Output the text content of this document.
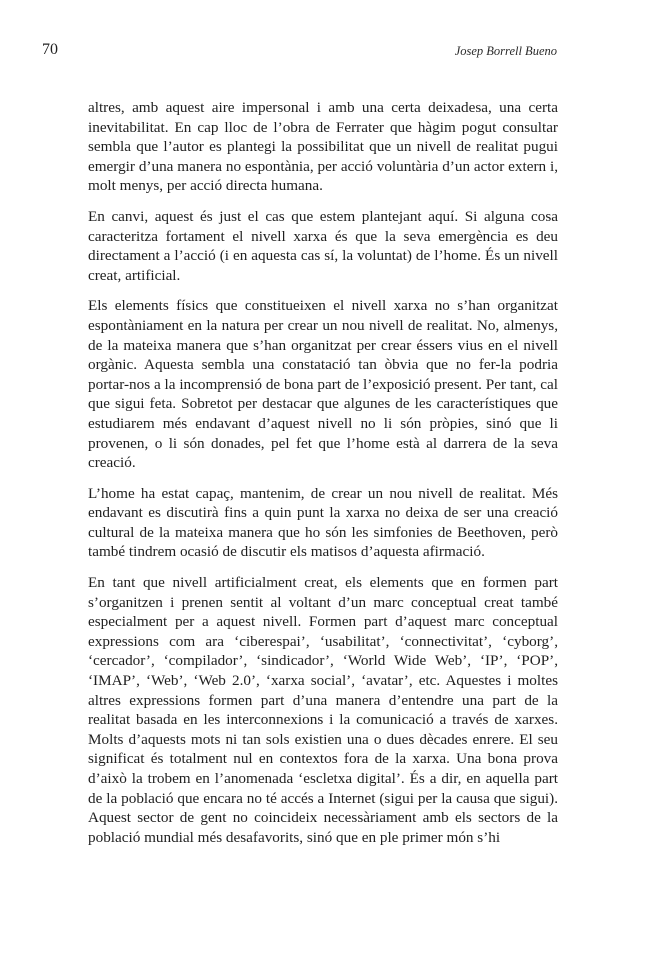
70	Josep Borrell Bueno

altres, amb aquest aire impersonal i amb una certa deixadesa, una certa inevitabilitat. En cap lloc de l’obra de Ferrater que hàgim pogut consultar sembla que l’autor es plantegi la possibilitat que un nivell de realitat pugui emergir d’una manera no espontània, per acció voluntària d’un actor extern i, molt menys, per acció directa humana.

En canvi, aquest és just el cas que estem plantejant aquí. Si alguna cosa caracteritza fortament el nivell xarxa és que la seva emergència es deu directament a l’acció (i en aquesta cas sí, la voluntat) de l’home. És un nivell creat, artificial.

Els elements físics que constitueixen el nivell xarxa no s’han organitzat espontàniament en la natura per crear un nou nivell de realitat. No, almenys, de la mateixa manera que s’han organitzat per crear éssers vius en el nivell orgànic. Aquesta sembla una constatació tan òbvia que no fer-la podria portar-nos a la incomprensió de bona part de l’exposició present. Per tant, cal que sigui feta. Sobretot per destacar que algunes de les característiques que estudiarem més endavant d’aquest nivell no li són pròpies, sinó que li provenen, o li són donades, pel fet que l’home està al darrera de la seva creació.

L’home ha estat capaç, mantenim, de crear un nou nivell de realitat. Més endavant es discutirà fins a quin punt la xarxa no deixa de ser una creació cultural de la mateixa manera que ho són les simfonies de Beethoven, però també tindrem ocasió de discutir els matisos d’aquesta afirmació.

En tant que nivell artificialment creat, els elements que en formen part s’organitzen i prenen sentit al voltant d’un marc conceptual creat també especialment per a aquest nivell. Formen part d’aquest marc conceptual expressions com ara ‘ciberespai’, ‘usabilitat’, ‘connectivitat’, ‘cyborg’, ‘cercador’, ‘compilador’, ‘sindicador’, ‘World Wide Web’, ‘IP’, ‘POP’, ‘IMAP’, ‘Web’, ‘Web 2.0’, ‘xarxa social’, ‘avatar’, etc. Aquestes i moltes altres expressions formen part d’una manera d’entendre una part de la realitat basada en les interconnexions i la comunicació a través de xarxes. Molts d’aquests mots ni tan sols existien una o dues dècades enrere. El seu significat és totalment nul en contextos fora de la xarxa. Una bona prova d’això la trobem en l’anomenada ‘escletxa digital’. És a dir, en aquella part de la població que encara no té accés a Internet (sigui per la causa que sigui). Aquest sector de gent no coincideix necessàriament amb els sectors de la població mundial més desafavorits, sinó que en ple primer món s’hi
